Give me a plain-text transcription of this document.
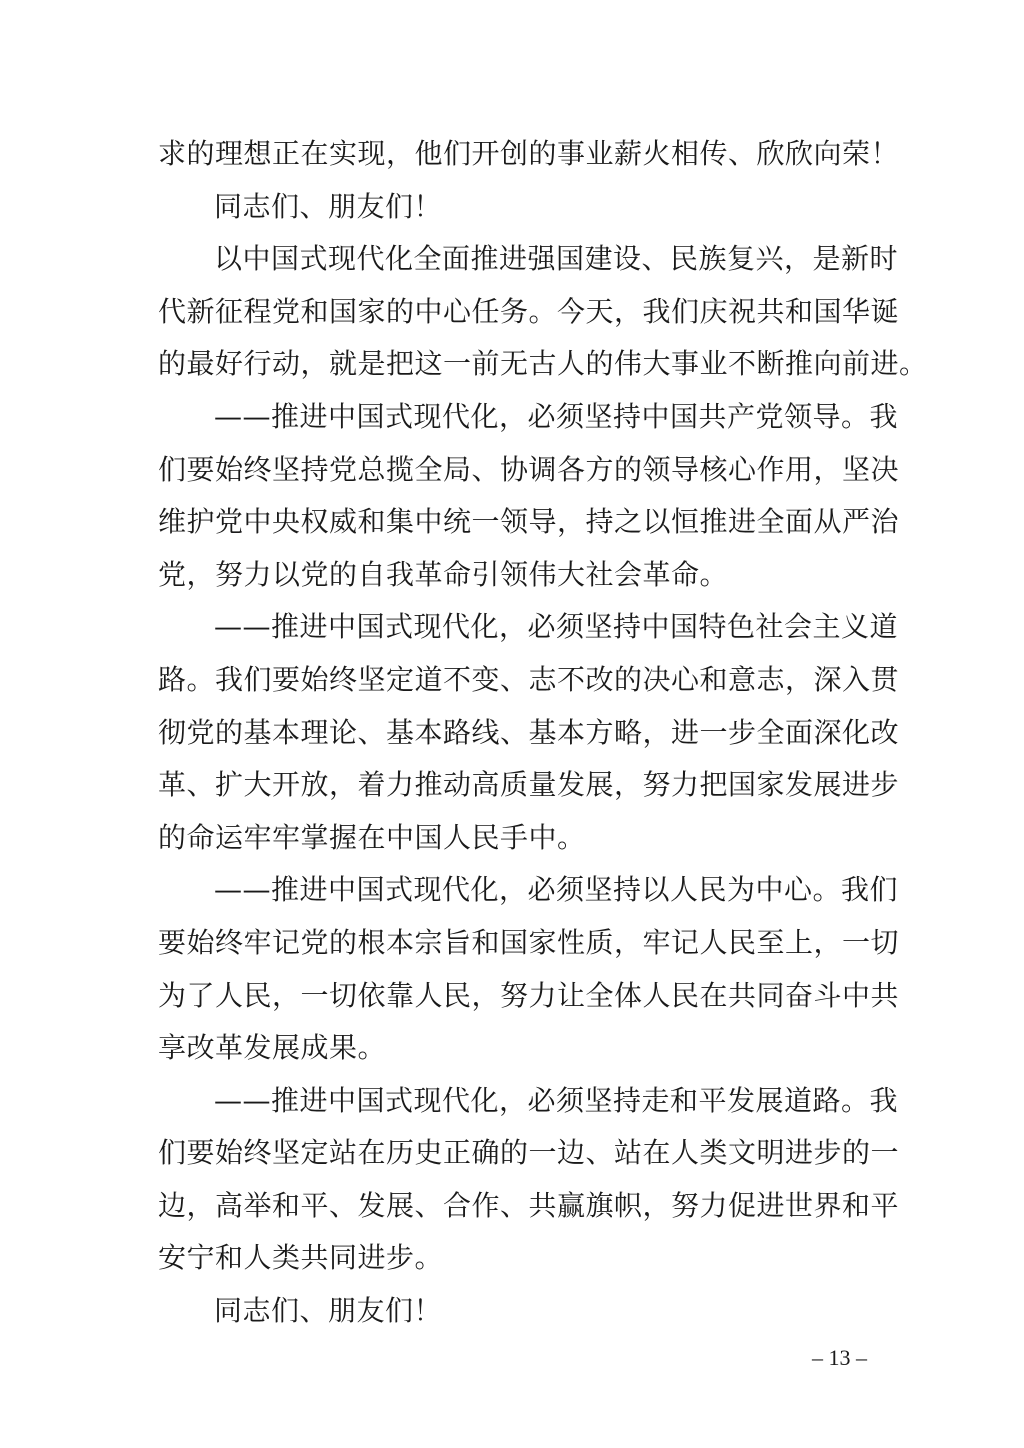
求的理想正在实现，他们开创的事业薪火相传、欣欣向荣！
同志们、朋友们！
以中国式现代化全面推进强国建设、民族复兴，是新时
代新征程党和国家的中心任务。今天，我们庆祝共和国华诞
的最好行动，就是把这一前无古人的伟大事业不断推向前进。
——推进中国式现代化，必须坚持中国共产党领导。我
们要始终坚持党总揽全局、协调各方的领导核心作用，坚决
维护党中央权威和集中统一领导，持之以恒推进全面从严治
党，努力以党的自我革命引领伟大社会革命。
——推进中国式现代化，必须坚持中国特色社会主义道
路。我们要始终坚定道不变、志不改的决心和意志，深入贯
彻党的基本理论、基本路线、基本方略，进一步全面深化改
革、扩大开放，着力推动高质量发展，努力把国家发展进步
的命运牢牢掌握在中国人民手中。
——推进中国式现代化，必须坚持以人民为中心。我们
要始终牢记党的根本宗旨和国家性质，牢记人民至上，一切
为了人民，一切依靠人民，努力让全体人民在共同奋斗中共
享改革发展成果。
——推进中国式现代化，必须坚持走和平发展道路。我
们要始终坚定站在历史正确的一边、站在人类文明进步的一
边，高举和平、发展、合作、共赢旗帜，努力促进世界和平
安宁和人类共同进步。
同志们、朋友们！
– 13 –
